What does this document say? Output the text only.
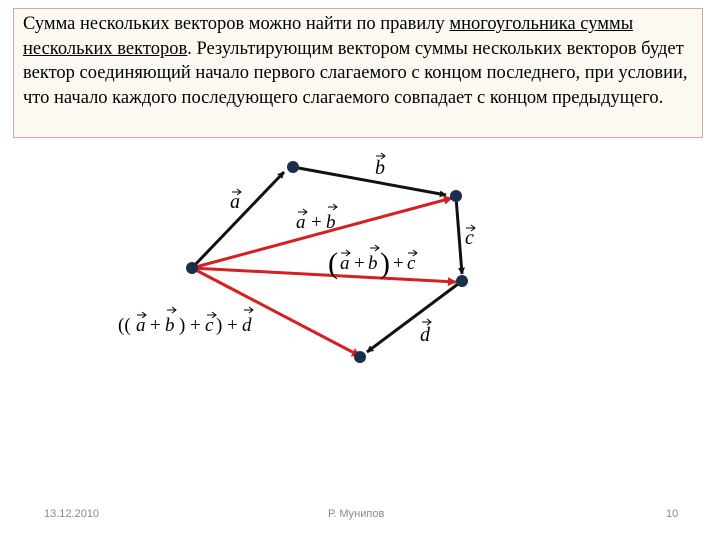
Сумма нескольких векторов можно найти по правилу многоугольника суммы нескольких векторов. Результирующим вектором суммы нескольких векторов будет вектор соединяющий начало первого слагаемого с концом последнего, при условии, что начало каждого последующего слагаемого совпадает с концом предыдущего.
a
b
c
d
a + b
( a + b ) + c
(( a + b ) + c ) + d
13.12.2010	Р. Мунипов	10
